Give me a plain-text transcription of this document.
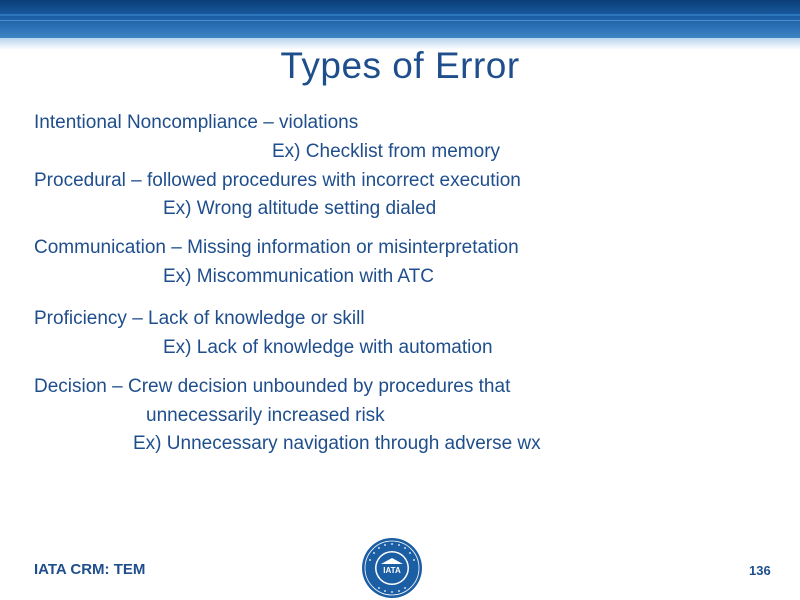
Types of Error
Intentional Noncompliance – violations
Ex) Checklist from memory
Procedural – followed procedures with incorrect execution
Ex) Wrong altitude setting dialed
Communication – Missing information or misinterpretation
Ex) Miscommunication with ATC
Proficiency – Lack of knowledge or skill
Ex) Lack of knowledge with automation
Decision – Crew decision unbounded by procedures that
unnecessarily increased risk
Ex) Unnecessary navigation through adverse wx
IATA CRM: TEM	IATA	136
